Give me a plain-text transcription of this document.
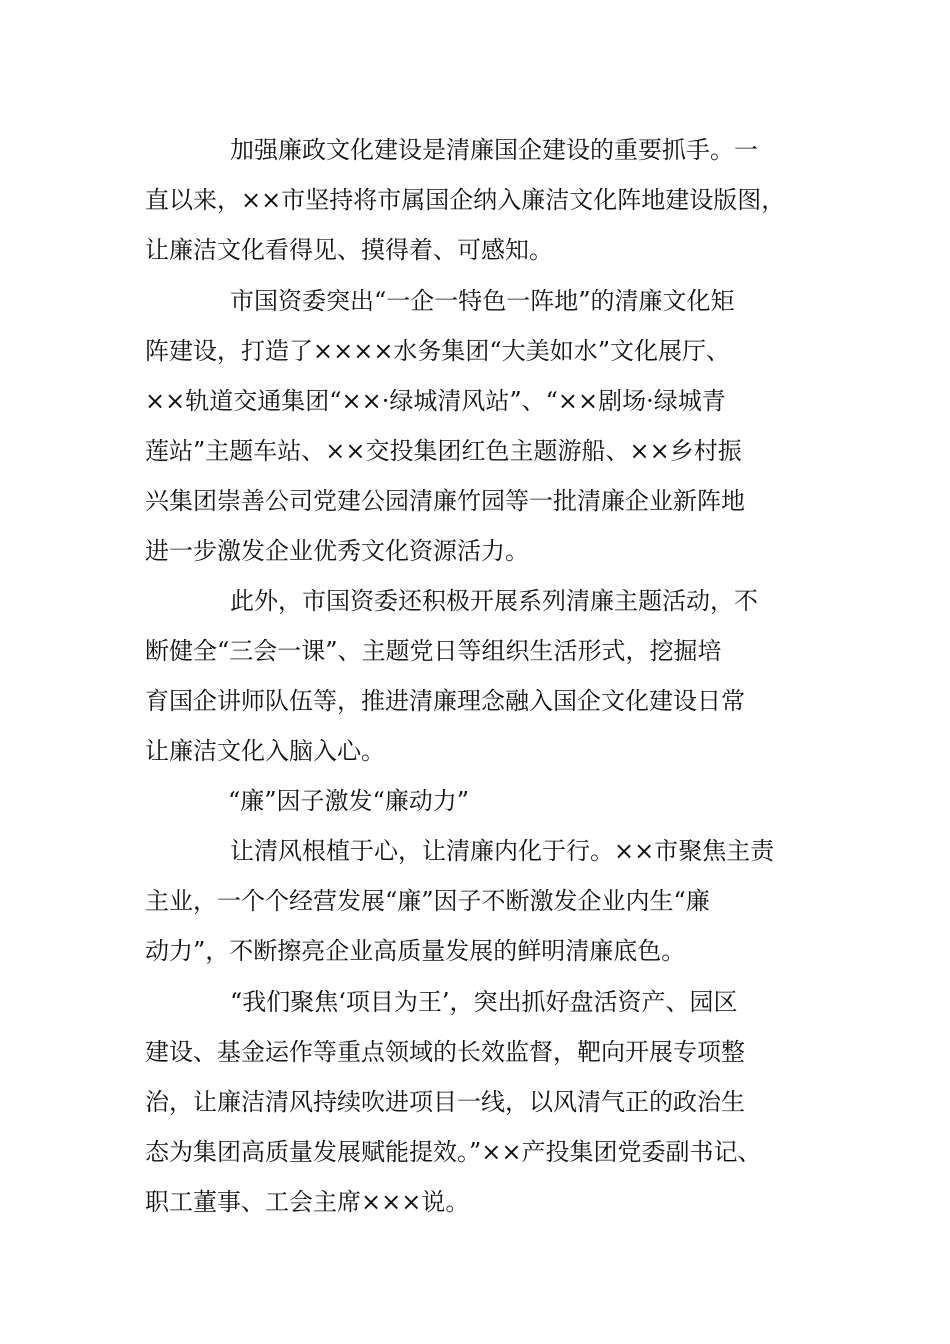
加强廉政文化建设是清廉国企建设的重要抓手。一
直以来，××市坚持将市属国企纳入廉洁文化阵地建设版图，
让廉洁文化看得见、摸得着、可感知。
市国资委突出“一企一特色一阵地”的清廉文化矩
阵建设，打造了××××水务集团“大美如水”文化展厅、
××轨道交通集团“××·绿城清风站”、“××剧场·绿城青
莲站”主题车站、××交投集团红色主题游船、××乡村振
兴集团崇善公司党建公园清廉竹园等一批清廉企业新阵地
进一步激发企业优秀文化资源活力。
此外，市国资委还积极开展系列清廉主题活动，不
断健全“三会一课”、主题党日等组织生活形式，挖掘培
育国企讲师队伍等，推进清廉理念融入国企文化建设日常
让廉洁文化入脑入心。
“廉”因子激发“廉动力”
让清风根植于心，让清廉内化于行。××市聚焦主责
主业，一个个经营发展“廉”因子不断激发企业内生“廉
动力”，不断擦亮企业高质量发展的鲜明清廉底色。
“我们聚焦‘项目为王’，突出抓好盘活资产、园区
建设、基金运作等重点领域的长效监督，靶向开展专项整
治，让廉洁清风持续吹进项目一线，以风清气正的政治生
态为集团高质量发展赋能提效。”××产投集团党委副书记、
职工董事、工会主席×××说。
